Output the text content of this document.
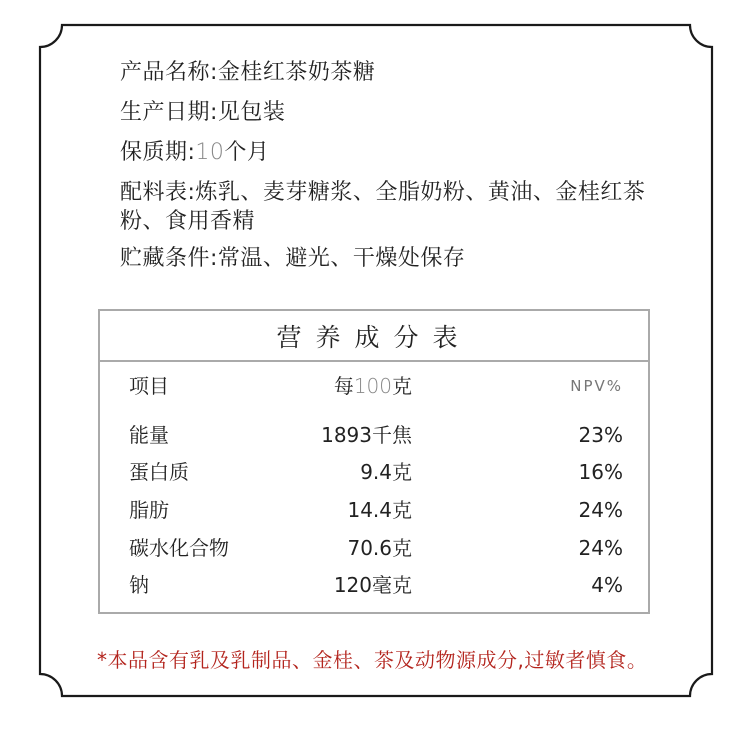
产品名称:金桂红茶奶茶糖
生产日期:见包装
保质期:10个月
配料表:炼乳、麦芽糖浆、全脂奶粉、黄油、金桂红茶粉、食用香精
贮藏条件:常温、避光、干燥处保存
营养成分表
项目	每100克	NPV%
能量	1893千焦	23%
蛋白质	9.4克	16%
脂肪	14.4克	24%
碳水化合物	70.6克	24%
钠	120毫克	4%
*本品含有乳及乳制品、金桂、茶及动物源成分,过敏者慎食。
